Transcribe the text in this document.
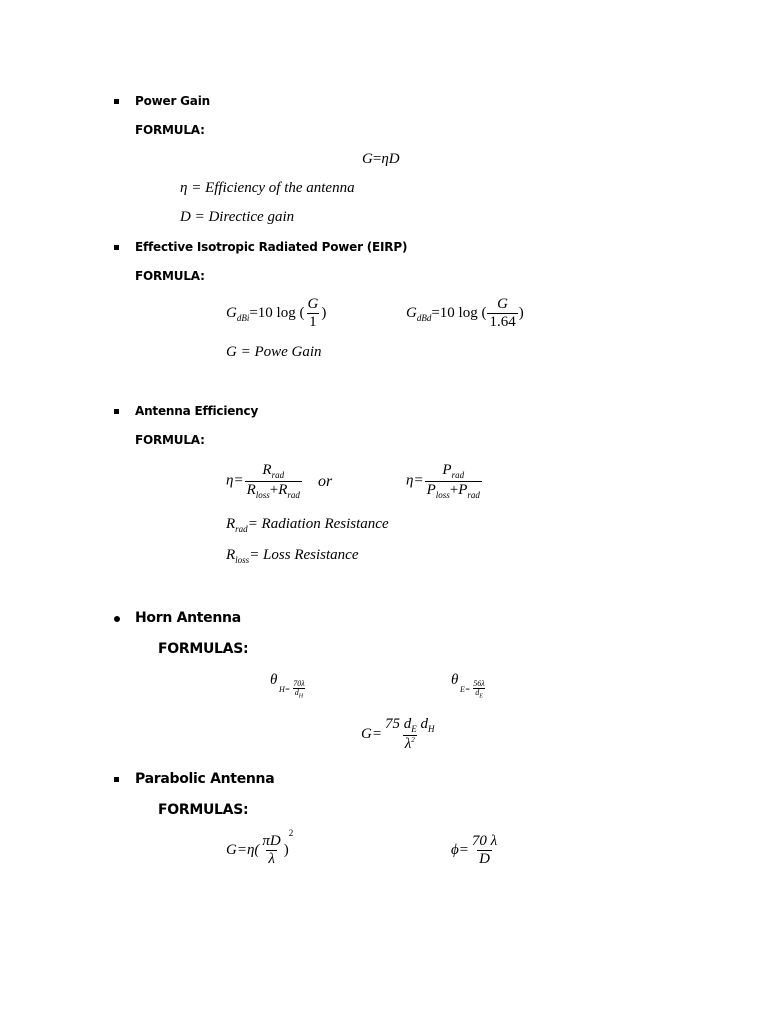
Power Gain
FORMULA:
G=ηD
η = Efficiency of the antenna
D = Directice gain
Effective Isotropic Radiated Power (EIRP)
FORMULA:
$G_{dBi}=10$ log ( $\frac{G}{1}$ )	$G_{dBd}=10$ log ( $\frac{G}{1.64}$ )
G = Powe Gain
Antenna Efficiency
FORMULA:
$\eta= \frac{R_{rad}}{R_{loss}+R_{rad}}$ or	$\eta= \frac{P_{rad}}{P_{loss}+P_{rad}}$
$R_{rad}=$ Radiation Resistance
$R_{loss}=$ Loss Resistance
Horn Antenna
FORMULAS:
θ
$H= \frac{70\lambda}{d_H}$	θ
$E= \frac{56\lambda}{d_E}$
$G= \frac{75 d_E d_H}{\lambda^2}$
Parabolic Antenna
FORMULAS:
$G=\eta( \frac{\pi D}{\lambda} )^2$
$\phi= \frac{70 \lambda}{D}$
